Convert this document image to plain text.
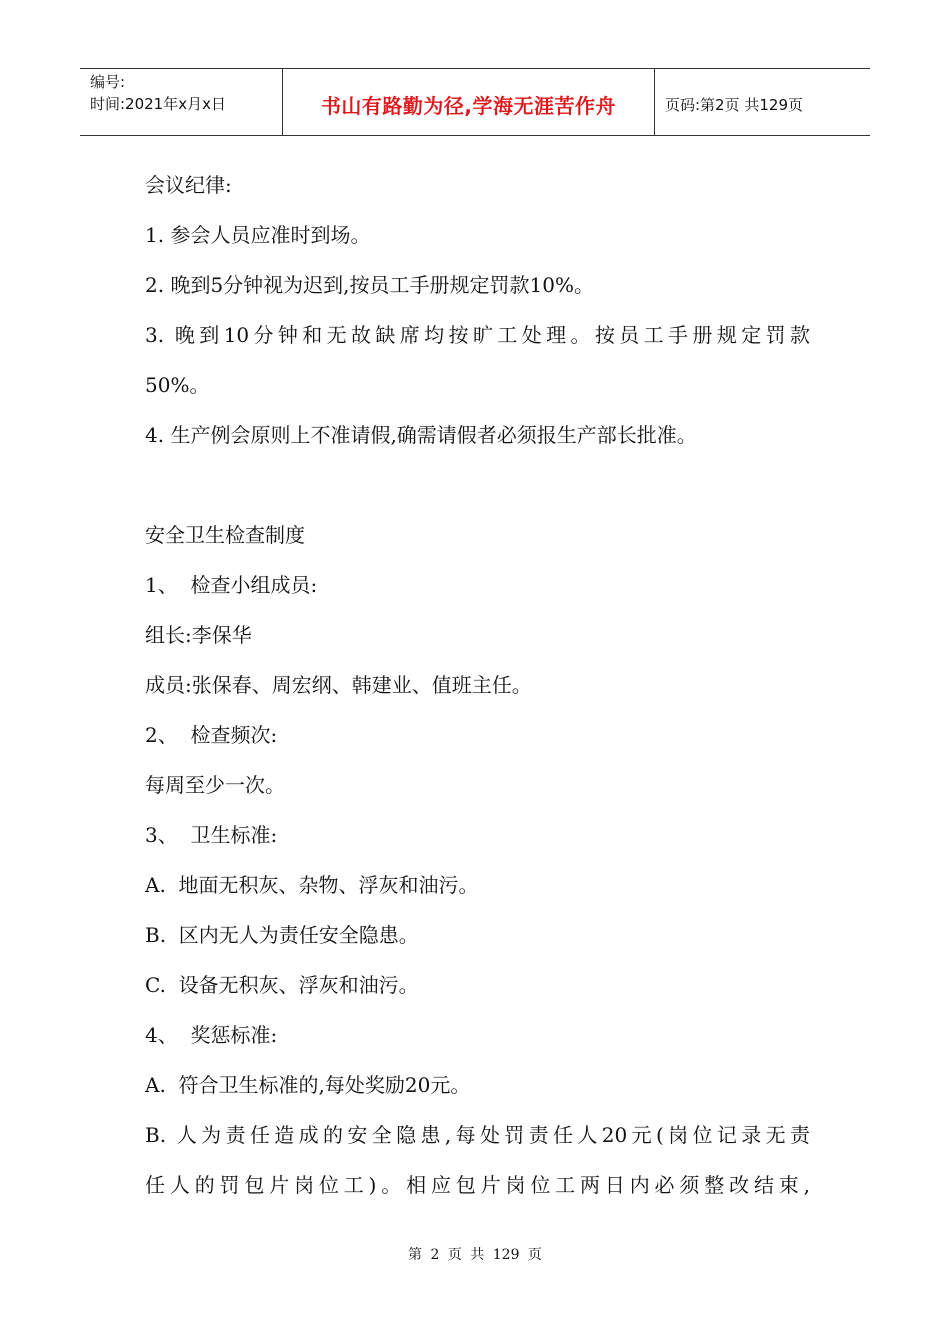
编号:
时间:2021年x月x日	书山有路勤为径,学海无涯苦作舟	页码:第2页 共129页
会议纪律:
1. 参会人员应准时到场。
2. 晚到5分钟视为迟到,按员工手册规定罚款10%。
3. 晚到10分钟和无故缺席均按旷工处理。按员工手册规定罚款
50%。
4. 生产例会原则上不准请假,确需请假者必须报生产部长批准。
安全卫生检查制度
1、  检查小组成员:
组长:李保华
成员:张保春、周宏纲、韩建业、值班主任。
2、  检查频次:
每周至少一次。
3、  卫生标准:
A.  地面无积灰、杂物、浮灰和油污。
B.  区内无人为责任安全隐患。
C.  设备无积灰、浮灰和油污。
4、  奖惩标准:
A.  符合卫生标准的,每处奖励20元。
B. 人为责任造成的安全隐患,每处罚责任人20元(岗位记录无责
任人的罚包片岗位工)。相应包片岗位工两日内必须整改结束,
第 2 页 共 129 页
